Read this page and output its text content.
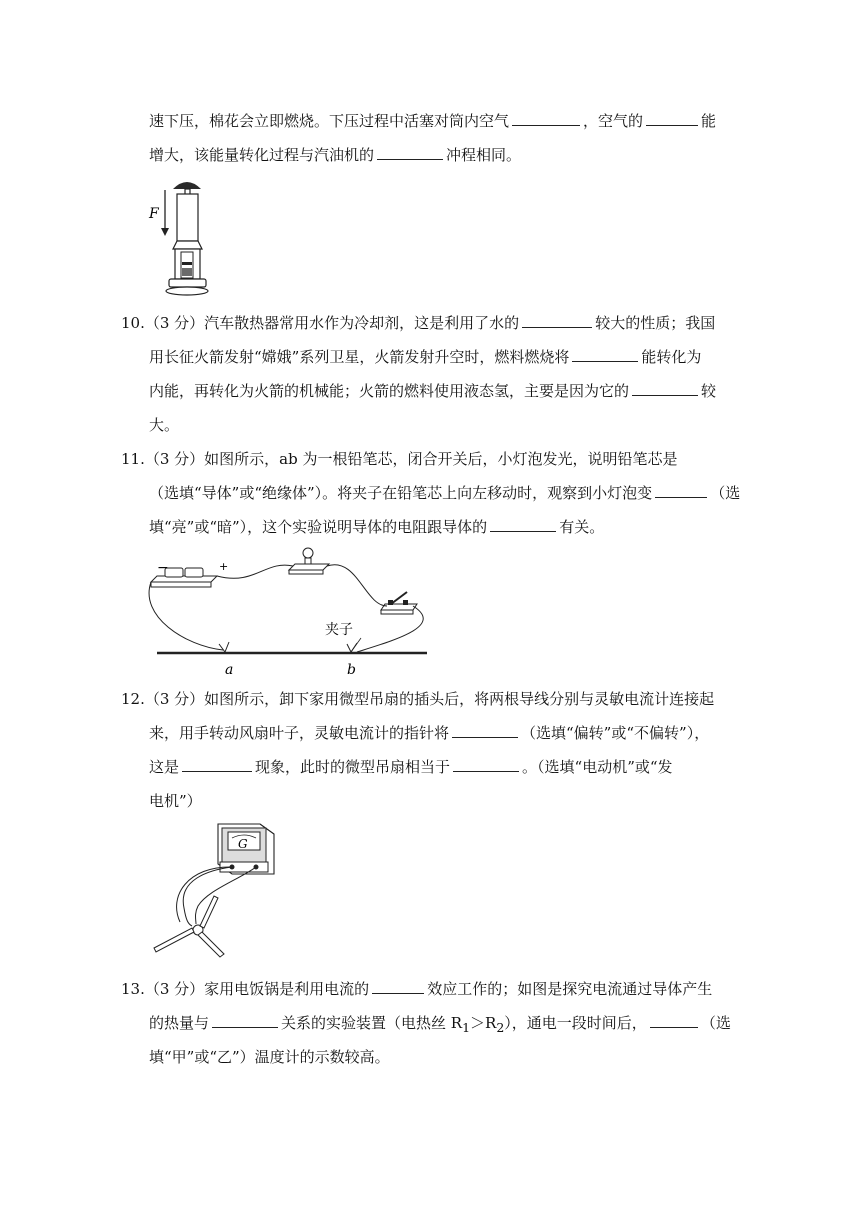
速下压，棉花会立即燃烧。下压过程中活塞对筒内空气	，空气的	能
增大，该能量转化过程与汽油机的	冲程相同。
F
10.（3 分）汽车散热器常用水作为冷却剂，这是利用了水的	较大的性质；我国
用长征火箭发射“嫦娥”系列卫星，火箭发射升空时，燃料燃烧将	能转化为
内能，再转化为火箭的机械能；火箭的燃料使用液态氢，主要是因为它的	较
大。
11.（3 分）如图所示，ab 为一根铅笔芯，闭合开关后，小灯泡发光，说明铅笔芯是
（选填“导体”或“绝缘体”）。将夹子在铅笔芯上向左移动时，观察到小灯泡变	（选
填“亮”或“暗”），这个实验说明导体的电阻跟导体的	有关。
−	+
夹子
a	b
12.（3 分）如图所示，卸下家用微型吊扇的插头后，将两根导线分别与灵敏电流计连接起
来，用手转动风扇叶子，灵敏电流计的指针将	（选填“偏转”或“不偏转”），
这是	现象，此时的微型吊扇相当于	。（选填“电动机”或“发
电机”）
G
13.（3 分）家用电饭锅是利用电流的	效应工作的；如图是探究电流通过导体产生
的热量与	关系的实验装置（电热丝 $R_1>R_2$），通电一段时间后，	（选
填“甲”或“乙”）温度计的示数较高。
